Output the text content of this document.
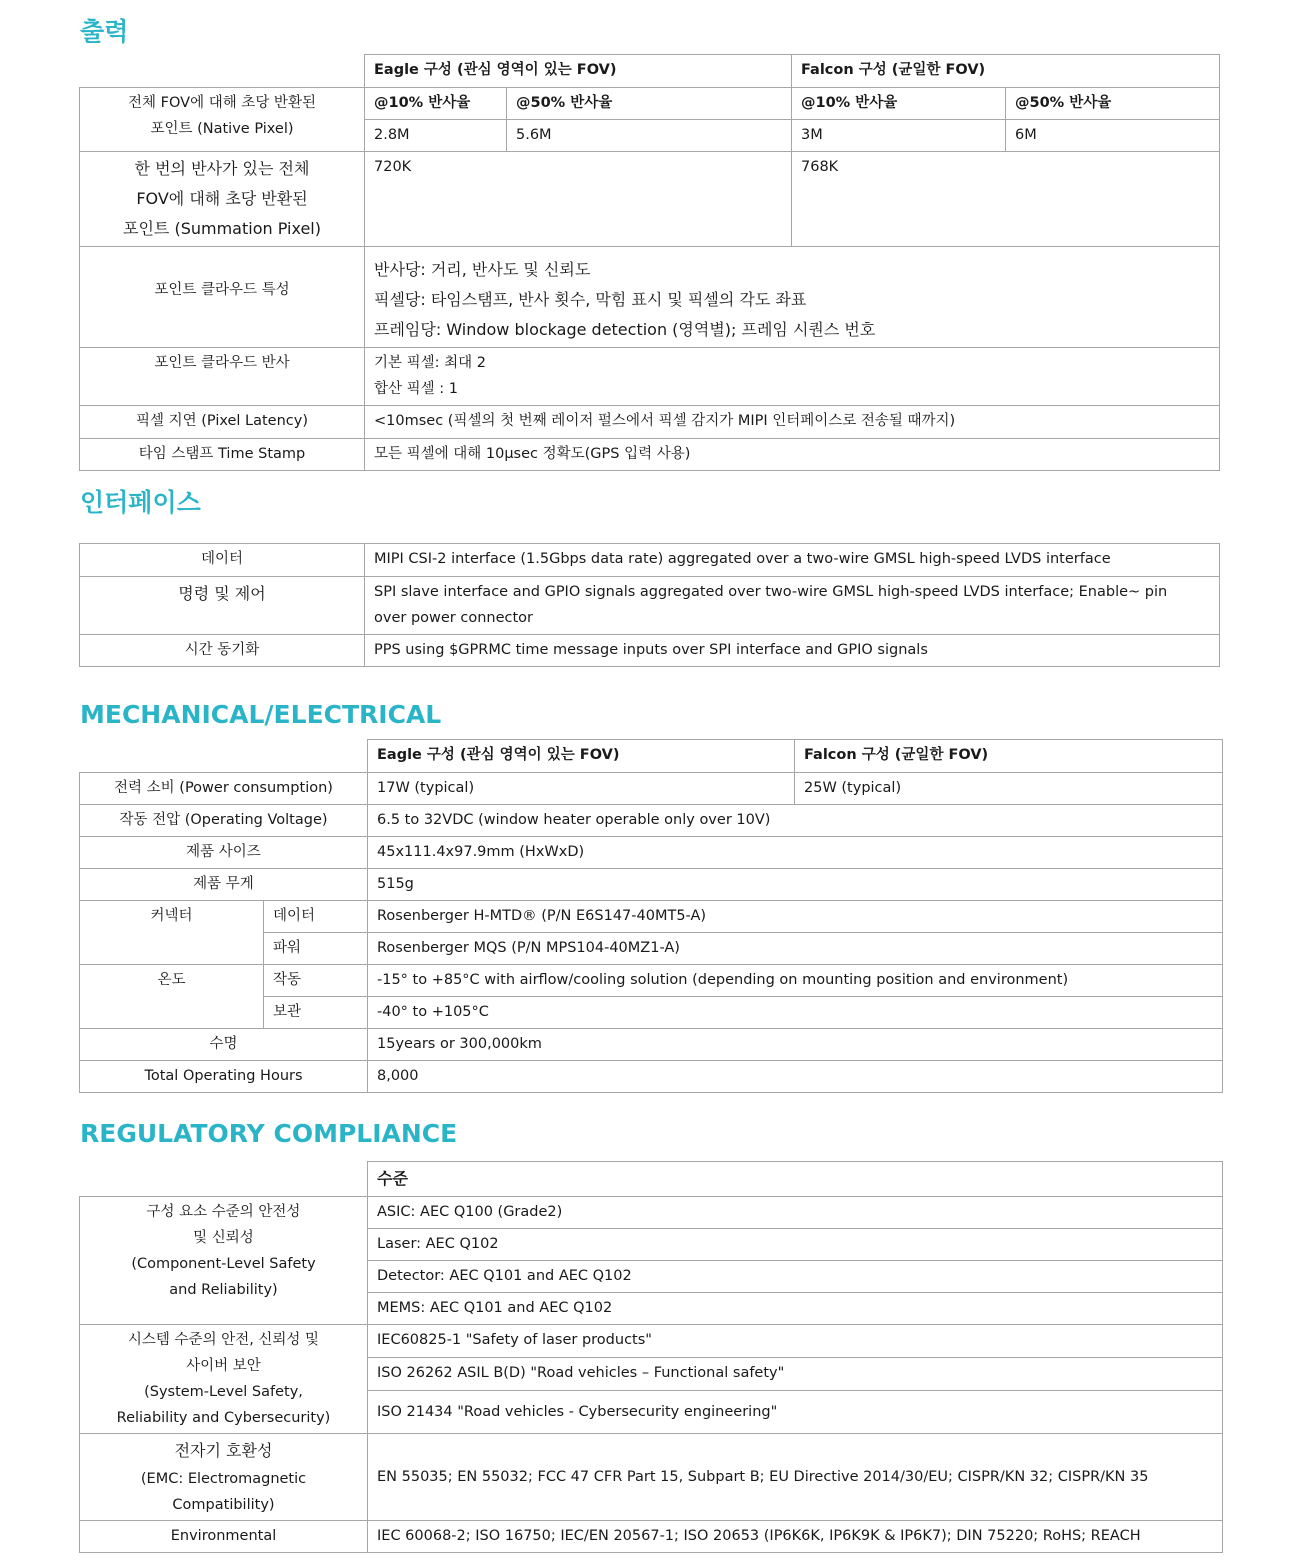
출력
	Eagle 구성 (관심 영역이 있는 FOV)		Falcon 구성 (균일한 FOV)	

전체 FOV에 대해 초당 반환된
포인트 (Native Pixel)	@10% 반사율	@50% 반사율	@10% 반사율	@50% 반사율
	2.8M	5.6M	3M	6M

한 번의 반사가 있는 전체
FOV에 대해 초당 반환된
포인트 (Summation Pixel)	720K		768K	
포인트 클라우드 특성	반사당: 거리, 반사도 및 신뢰도
픽셀당: 타임스탬프, 반사 횟수, 막힘 표시 및 픽셀의 각도 좌표
프레임당: Window blockage detection (영역별); 프레임 시퀀스 번호			

포인트 클라우드 반사	기본 픽셀: 최대 2
합산 픽셀 : 1			

픽셀 지연 (Pixel Latency)	<10msec (픽셀의 첫 번째 레이저 펄스에서 픽셀 감지가 MIPI 인터페이스로 전송될 때까지)			
타임 스탬프 Time Stamp	모든 픽셀에 대해 10µsec 정확도(GPS 입력 사용)			
인터페이스
데이터	MIPI CSI-2 interface (1.5Gbps data rate) aggregated over a two-wire GMSL high-speed LVDS interface
명령 및 제어	SPI slave interface and GPIO signals aggregated over two-wire GMSL high-speed LVDS interface; Enable~ pin
over power connector

시간 동기화	PPS using $GPRMC time message inputs over SPI interface and GPIO signals
MECHANICAL/ELECTRICAL
		Eagle 구성 (관심 영역이 있는 FOV)	Falcon 구성 (균일한 FOV)
전력 소비 (Power consumption)		17W (typical)	25W (typical)
작동 전압 (Operating Voltage)		6.5 to 32VDC (window heater operable only over 10V)	
제품 사이즈		45x111.4x97.9mm (HxWxD)	
제품 무게		515g	
커넥터	데이터	Rosenberger H-MTD® (P/N E6S147-40MT5-A)	
	파워	Rosenberger MQS (P/N MPS104-40MZ1-A)	
온도	작동	-15° to +85°C with airflow/cooling solution (depending on mounting position and environment)	
	보관	-40° to +105°C	
수명		15years or 300,000km	
Total Operating Hours		8,000	
REGULATORY COMPLIANCE
	수준

구성 요소 수준의 안전성
및 신뢰성
(Component-Level Safety
and Reliability)	ASIC: AEC Q100 (Grade2)
	Laser: AEC Q102
	Detector: AEC Q101 and AEC Q102
	MEMS: AEC Q101 and AEC Q102

시스템 수준의 안전, 신뢰성 및
사이버 보안
(System-Level Safety,
Reliability and Cybersecurity)	IEC60825-1 "Safety of laser products"
	ISO 26262 ASIL B(D) "Road vehicles – Functional safety"
	ISO 21434 "Road vehicles - Cybersecurity engineering"

전자기 호환성
(EMC: Electromagnetic
Compatibility)	EN 55035; EN 55032; FCC 47 CFR Part 15, Subpart B; EU Directive 2014/30/EU; CISPR/KN 32; CISPR/KN 35
Environmental	IEC 60068-2; ISO 16750; IEC/EN 20567-1; ISO 20653 (IP6K6K, IP6K9K & IP6K7); DIN 75220; RoHS; REACH
